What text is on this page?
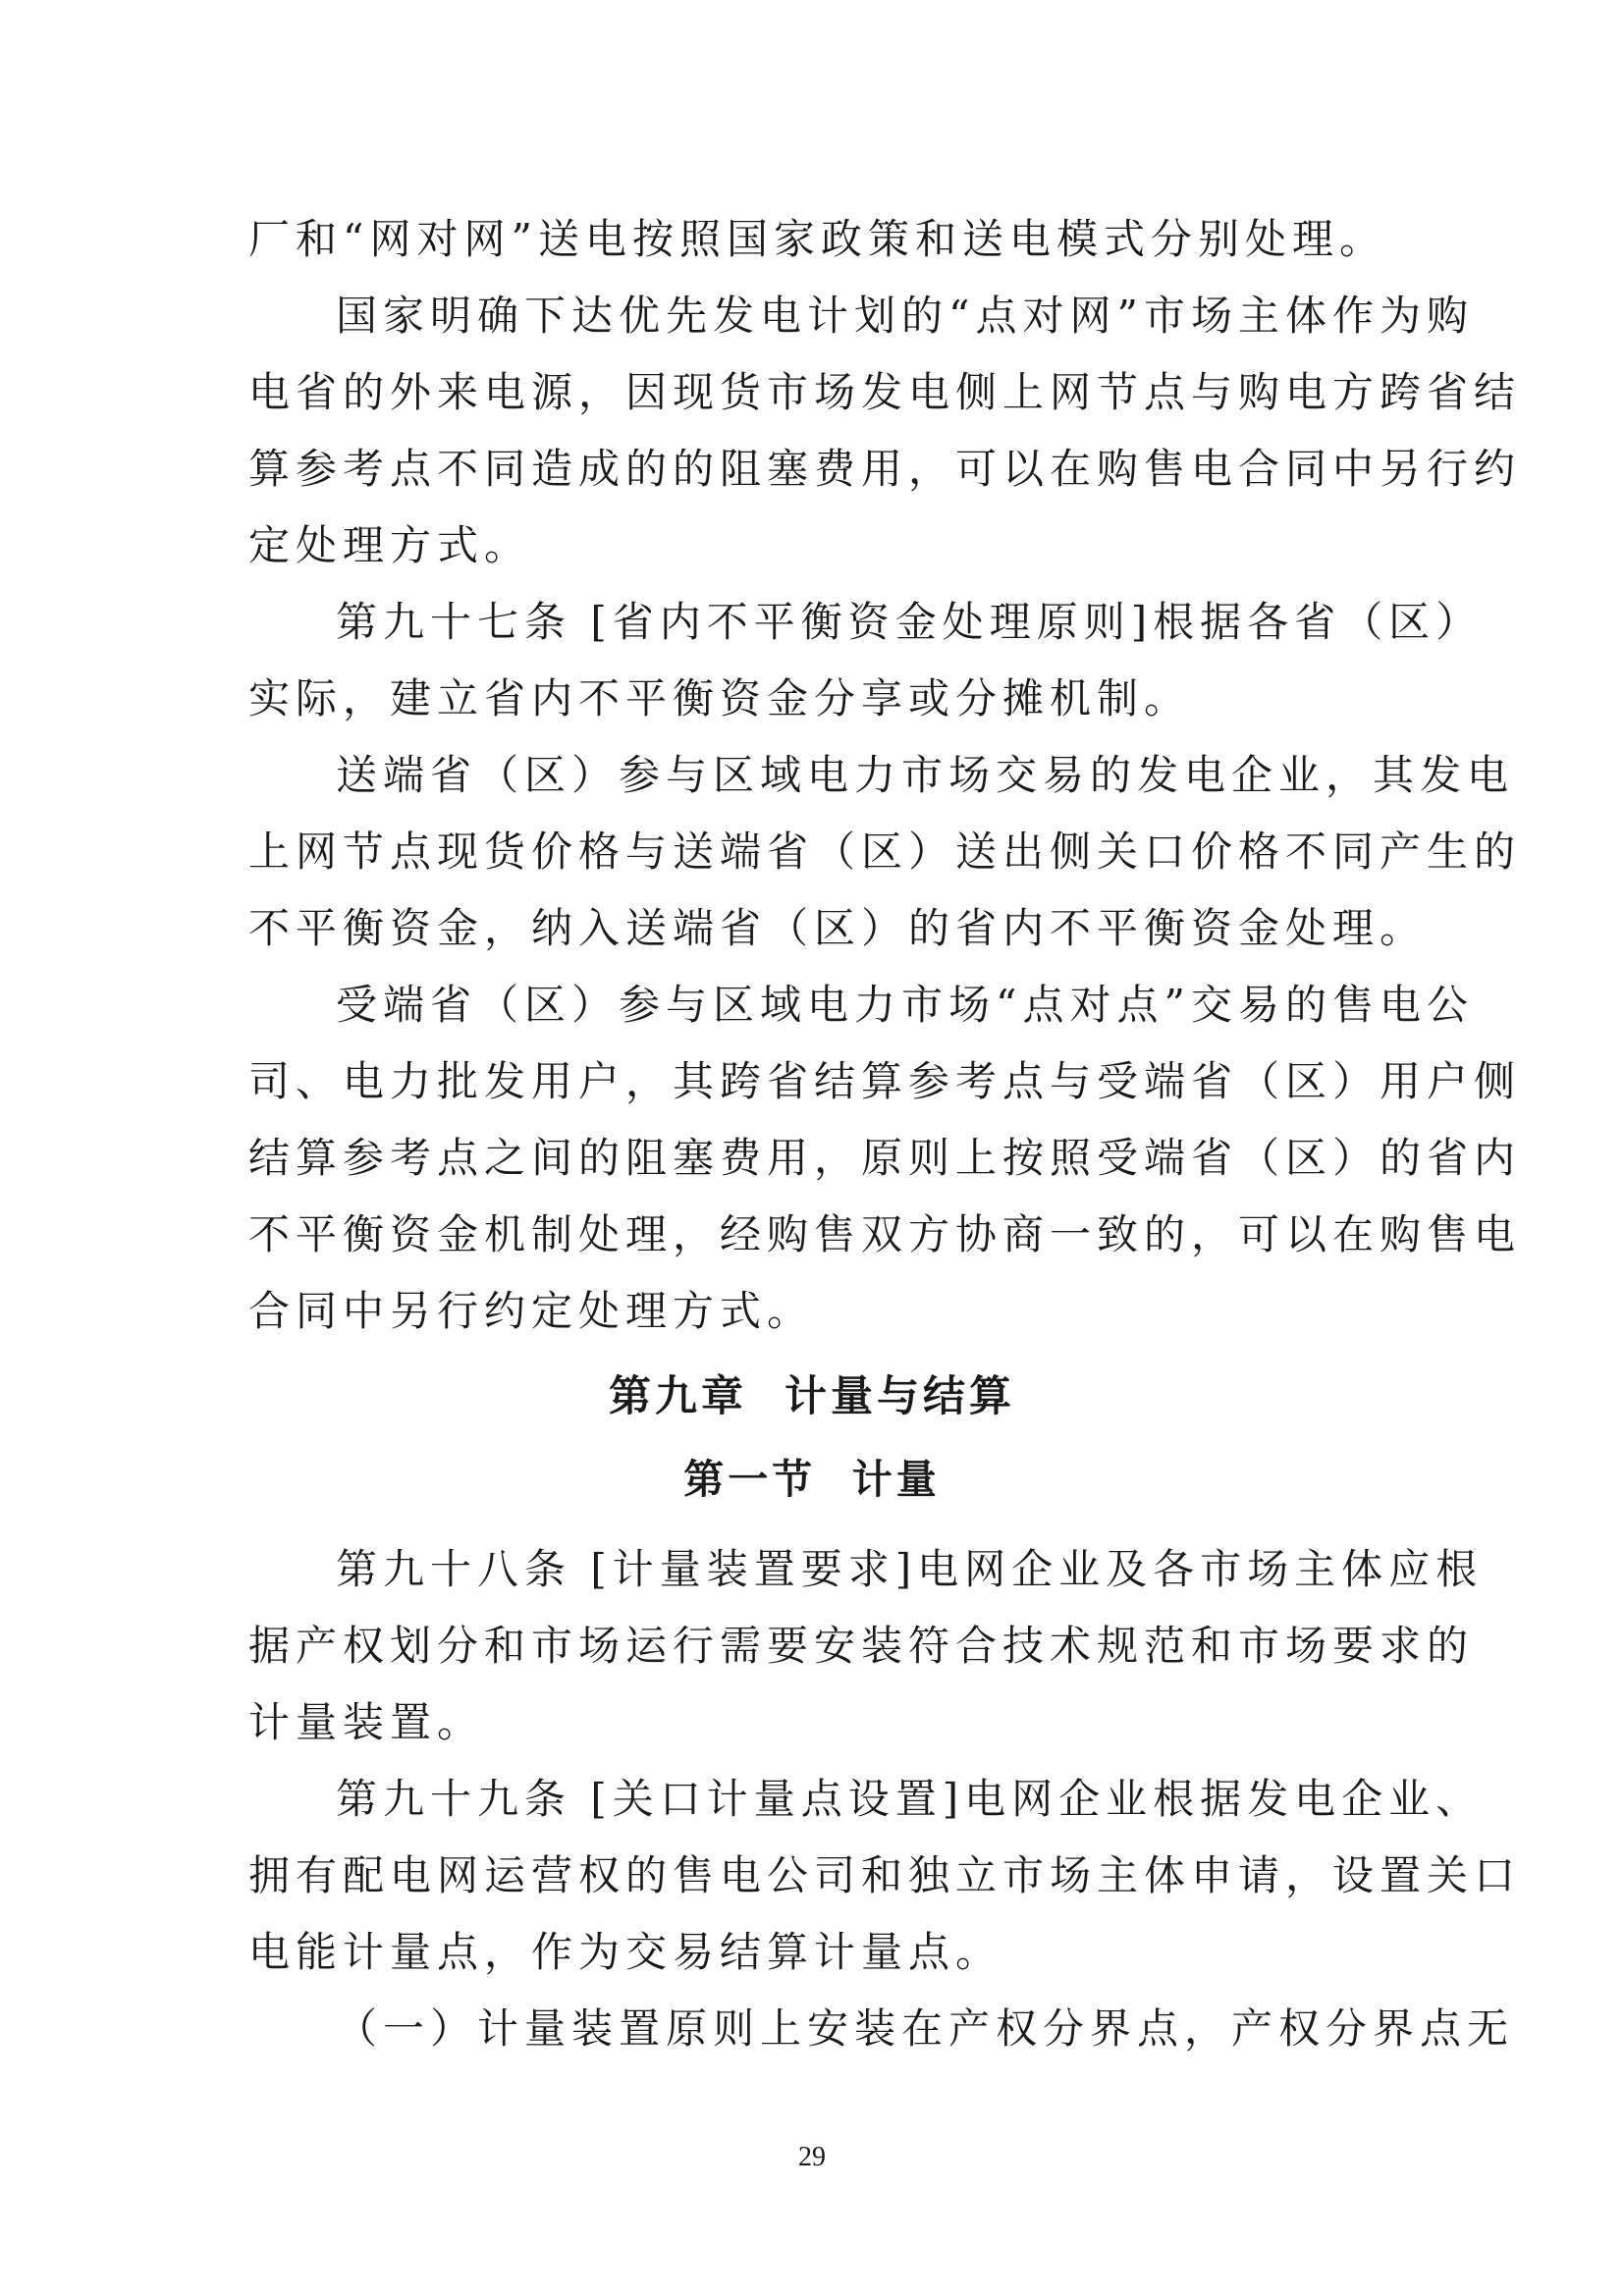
厂和“网对网”送电按照国家政策和送电模式分别处理。
国家明确下达优先发电计划的“点对网”市场主体作为购
电省的外来电源，因现货市场发电侧上网节点与购电方跨省结
算参考点不同造成的的阻塞费用，可以在购售电合同中另行约
定处理方式。
第九十七条 [省内不平衡资金处理原则]根据各省（区）
实际，建立省内不平衡资金分享或分摊机制。
送端省（区）参与区域电力市场交易的发电企业，其发电
上网节点现货价格与送端省（区）送出侧关口价格不同产生的
不平衡资金，纳入送端省（区）的省内不平衡资金处理。
受端省（区）参与区域电力市场“点对点”交易的售电公
司、电力批发用户，其跨省结算参考点与受端省（区）用户侧
结算参考点之间的阻塞费用，原则上按照受端省（区）的省内
不平衡资金机制处理，经购售双方协商一致的，可以在购售电
合同中另行约定处理方式。
第九章  计量与结算
第一节  计量
第九十八条 [计量装置要求]电网企业及各市场主体应根
据产权划分和市场运行需要安装符合技术规范和市场要求的
计量装置。
第九十九条 [关口计量点设置]电网企业根据发电企业、
拥有配电网运营权的售电公司和独立市场主体申请，设置关口
电能计量点，作为交易结算计量点。
（一）计量装置原则上安装在产权分界点，产权分界点无
29
